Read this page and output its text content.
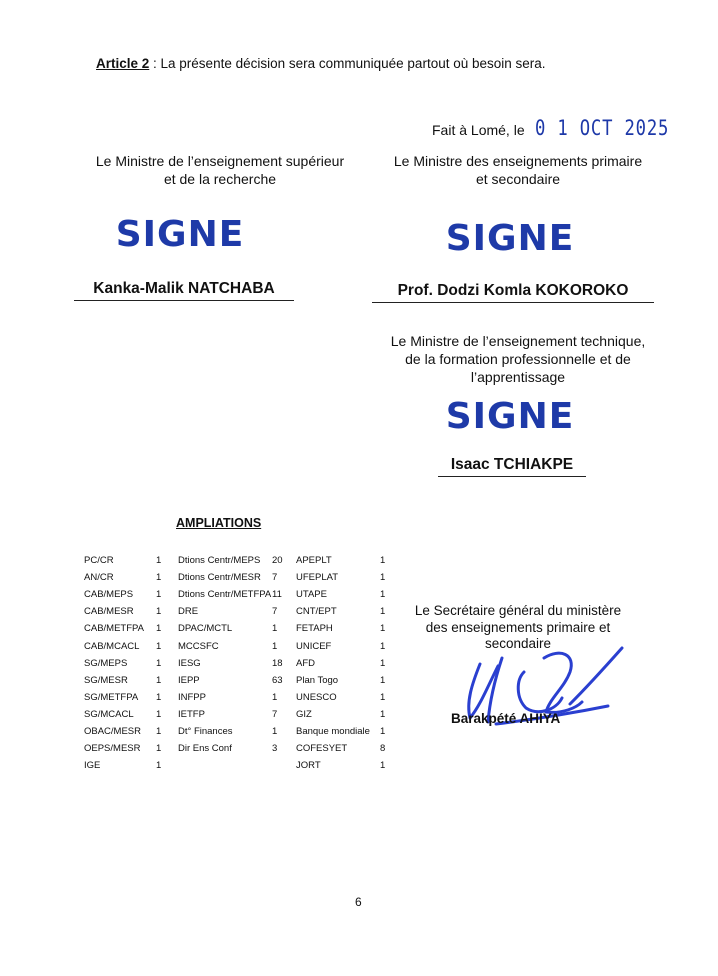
Article 2 : La présente décision sera communiquée partout où besoin sera.
Fait à Lomé, le 0 1 OCT 2025
Le Ministre de l’enseignement supérieur
et de la recherche
SIGNE
Kanka-Malik NATCHABA
Le Ministre des enseignements primaire
et secondaire
SIGNE
Prof. Dodzi Komla KOKOROKO
Le Ministre de l’enseignement technique,
de la formation professionnelle et de
l’apprentissage
SIGNE
Isaac TCHIAKPE
AMPLIATIONS
PC/CR	1	Dtions Centr/MEPS	20	APEPLT	1
AN/CR	1	Dtions Centr/MESR	7	UFEPLAT	1
CAB/MEPS	1	Dtions Centr/METFPA	11	UTAPE	1
CAB/MESR	1	DRE	7	CNT/EPT	1
CAB/METFPA	1	DPAC/MCTL	1	FETAPH	1
CAB/MCACL	1	MCCSFC	1	UNICEF	1
SG/MEPS	1	IESG	18	AFD	1
SG/MESR	1	IEPP	63	Plan Togo	1
SG/METFPA	1	INFPP	1	UNESCO	1
SG/MCACL	1	IETFP	7	GIZ	1
OBAC/MESR	1	Dt° Finances	1	Banque mondiale	1
OEPS/MESR	1	Dir Ens Conf	3	COFESYET	8
IGE	1			JORT	1
Le Secrétaire général du ministère
des enseignements primaire et
secondaire
Barakpété AHIYA
6
